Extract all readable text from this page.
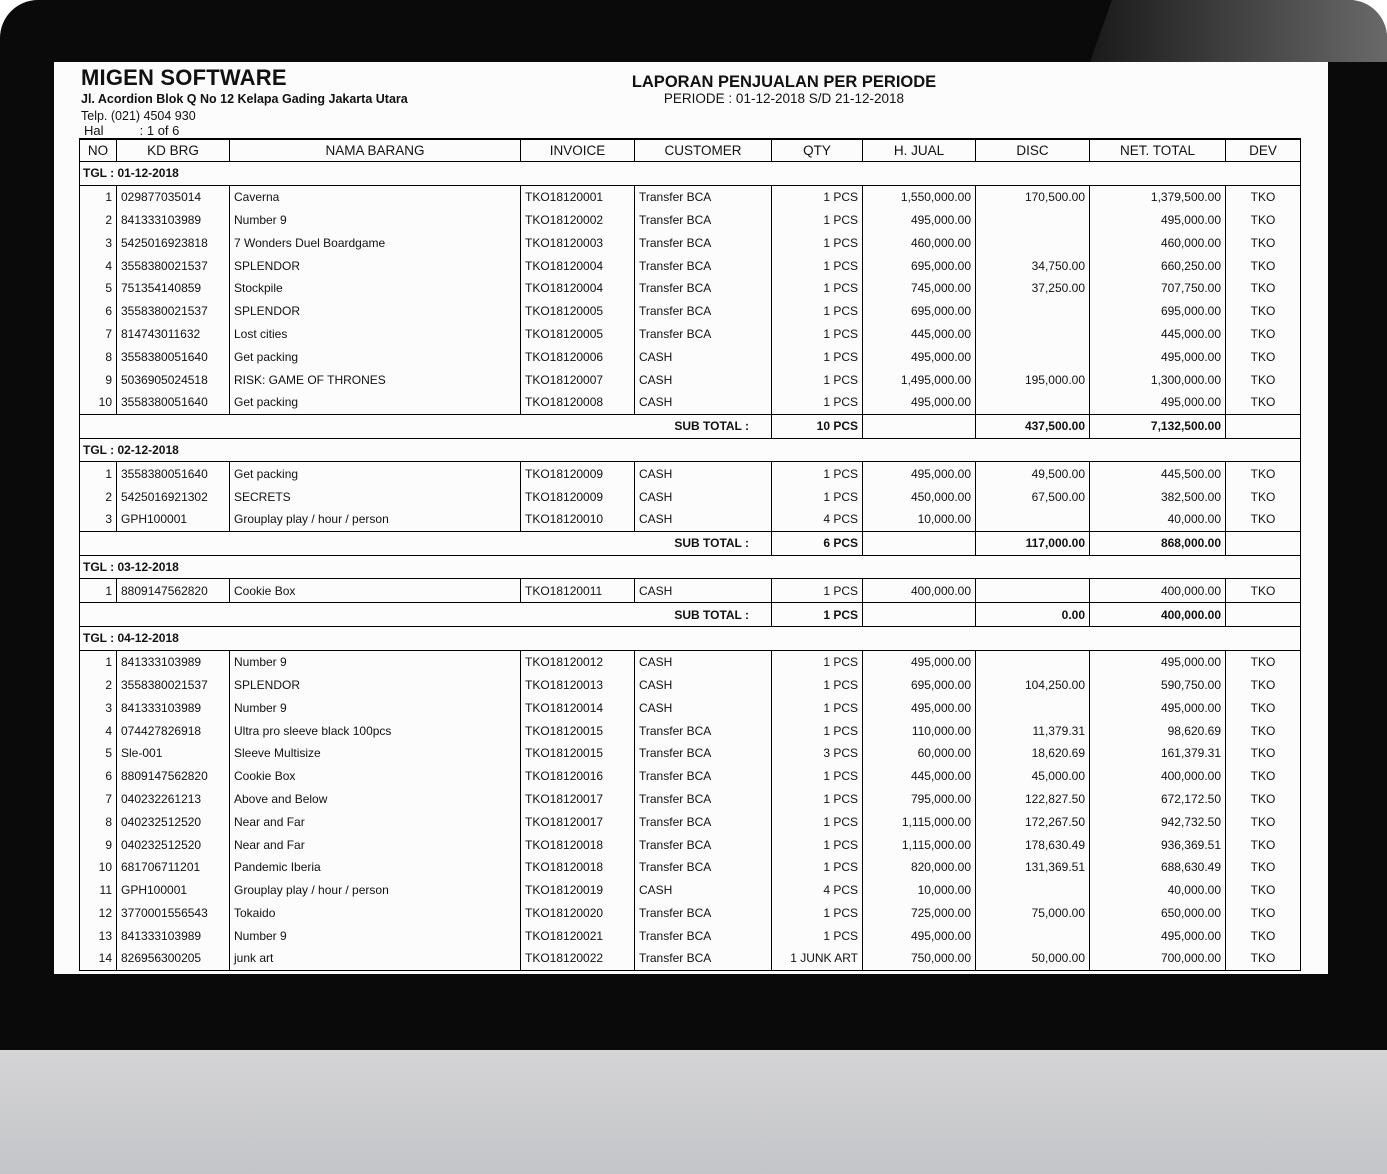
MIGEN SOFTWARE
Jl. Acordion Blok Q No 12 Kelapa Gading Jakarta Utara
Telp. (021) 4504 930
Hal	: 1 of 6
LAPORAN PENJUALAN PER PERIODE
PERIODE : 01-12-2018 S/D 21-12-2018
NO	KD BRG	NAMA BARANG	INVOICE	CUSTOMER	QTY	H. JUAL	DISC	NET. TOTAL	DEV
TGL : 01-12-2018									
1	029877035014	Caverna	TKO18120001	Transfer BCA	1 PCS	1,550,000.00	170,500.00	1,379,500.00	TKO
2	841333103989	Number 9	TKO18120002	Transfer BCA	1 PCS	495,000.00		495,000.00	TKO
3	5425016923818	7 Wonders Duel Boardgame	TKO18120003	Transfer BCA	1 PCS	460,000.00		460,000.00	TKO
4	3558380021537	SPLENDOR	TKO18120004	Transfer BCA	1 PCS	695,000.00	34,750.00	660,250.00	TKO
5	751354140859	Stockpile	TKO18120004	Transfer BCA	1 PCS	745,000.00	37,250.00	707,750.00	TKO
6	3558380021537	SPLENDOR	TKO18120005	Transfer BCA	1 PCS	695,000.00		695,000.00	TKO
7	814743011632	Lost cities	TKO18120005	Transfer BCA	1 PCS	445,000.00		445,000.00	TKO
8	3558380051640	Get packing	TKO18120006	CASH	1 PCS	495,000.00		495,000.00	TKO
9	5036905024518	RISK: GAME OF THRONES	TKO18120007	CASH	1 PCS	1,495,000.00	195,000.00	1,300,000.00	TKO
10	3558380051640	Get packing	TKO18120008	CASH	1 PCS	495,000.00		495,000.00	TKO
SUB TOTAL :					10 PCS		437,500.00	7,132,500.00	
TGL : 02-12-2018									
1	3558380051640	Get packing	TKO18120009	CASH	1 PCS	495,000.00	49,500.00	445,500.00	TKO
2	5425016921302	SECRETS	TKO18120009	CASH	1 PCS	450,000.00	67,500.00	382,500.00	TKO
3	GPH100001	Grouplay play / hour / person	TKO18120010	CASH	4 PCS	10,000.00		40,000.00	TKO
SUB TOTAL :					6 PCS		117,000.00	868,000.00	
TGL : 03-12-2018									
1	8809147562820	Cookie Box	TKO18120011	CASH	1 PCS	400,000.00		400,000.00	TKO
SUB TOTAL :					1 PCS		0.00	400,000.00	
TGL : 04-12-2018									
1	841333103989	Number 9	TKO18120012	CASH	1 PCS	495,000.00		495,000.00	TKO
2	3558380021537	SPLENDOR	TKO18120013	CASH	1 PCS	695,000.00	104,250.00	590,750.00	TKO
3	841333103989	Number 9	TKO18120014	CASH	1 PCS	495,000.00		495,000.00	TKO
4	074427826918	Ultra pro sleeve black 100pcs	TKO18120015	Transfer BCA	1 PCS	110,000.00	11,379.31	98,620.69	TKO
5	Sle-001	Sleeve Multisize	TKO18120015	Transfer BCA	3 PCS	60,000.00	18,620.69	161,379.31	TKO
6	8809147562820	Cookie Box	TKO18120016	Transfer BCA	1 PCS	445,000.00	45,000.00	400,000.00	TKO
7	040232261213	Above and Below	TKO18120017	Transfer BCA	1 PCS	795,000.00	122,827.50	672,172.50	TKO
8	040232512520	Near and Far	TKO18120017	Transfer BCA	1 PCS	1,115,000.00	172,267.50	942,732.50	TKO
9	040232512520	Near and Far	TKO18120018	Transfer BCA	1 PCS	1,115,000.00	178,630.49	936,369.51	TKO
10	681706711201	Pandemic Iberia	TKO18120018	Transfer BCA	1 PCS	820,000.00	131,369.51	688,630.49	TKO
11	GPH100001	Grouplay play / hour / person	TKO18120019	CASH	4 PCS	10,000.00		40,000.00	TKO
12	3770001556543	Tokaido	TKO18120020	Transfer BCA	1 PCS	725,000.00	75,000.00	650,000.00	TKO
13	841333103989	Number 9	TKO18120021	Transfer BCA	1 PCS	495,000.00		495,000.00	TKO
14	826956300205	junk art	TKO18120022	Transfer BCA	1 JUNK ART	750,000.00	50,000.00	700,000.00	TKO
